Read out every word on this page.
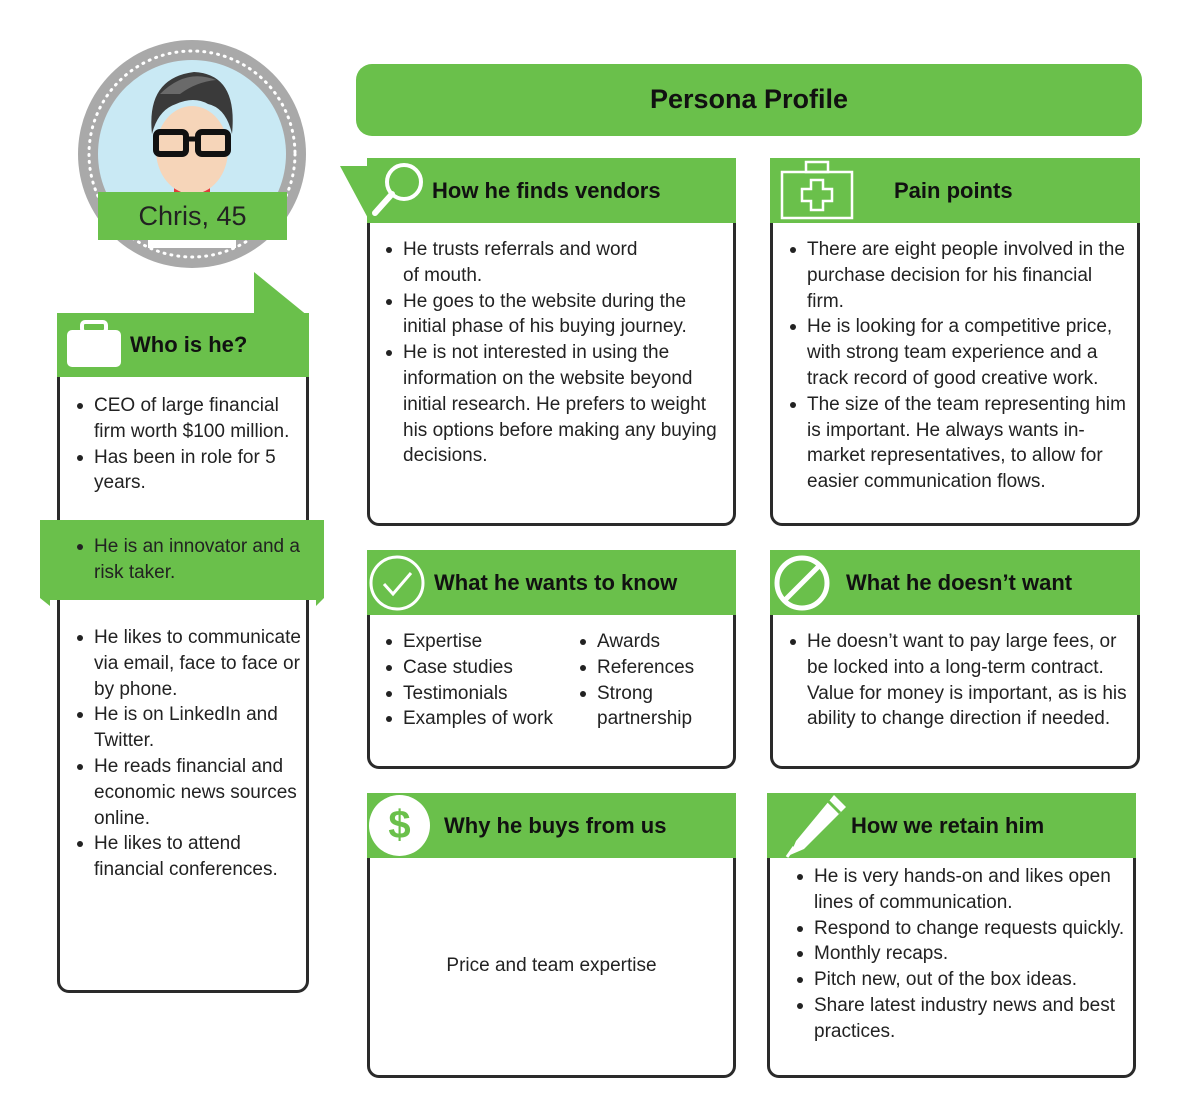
Persona Profile
Chris, 45
Who is he?
CEO of large financial firm worth $100 million.
Has been in role for 5 years.
He is an innovator and a risk taker.
He likes to communicate via email, face to face or by phone.
He is on LinkedIn and Twitter.
He reads financial and economic news sources online.
He likes to attend financial conferences.
How he finds vendors
He trusts referrals and word of mouth.
He goes to the website during the initial phase of his buying journey.
He is not interested in using the information on the website beyond initial research. He prefers to weight his options before making any buying decisions.
Pain points
There are eight people involved in the purchase decision for his financial firm.
He is looking for a competitive price, with strong team experience and a track record of good creative work.
The size of the team representing him is important. He always wants in-market representatives, to allow for easier communication flows.
What he wants to know
Expertise
Case studies
Testimonials
Examples of work
Awards
References
Strong partnership
What he doesn’t want
He doesn’t want to pay large fees, or be locked into a long-term contract. Value for money is important, as is his ability to change direction if needed.
Why he buys from us
$
Price and team expertise
How we retain him
He is very hands-on and likes open lines of communication.
Respond to change requests quickly.
Monthly recaps.
Pitch new, out of the box ideas.
Share latest industry news and best practices.
